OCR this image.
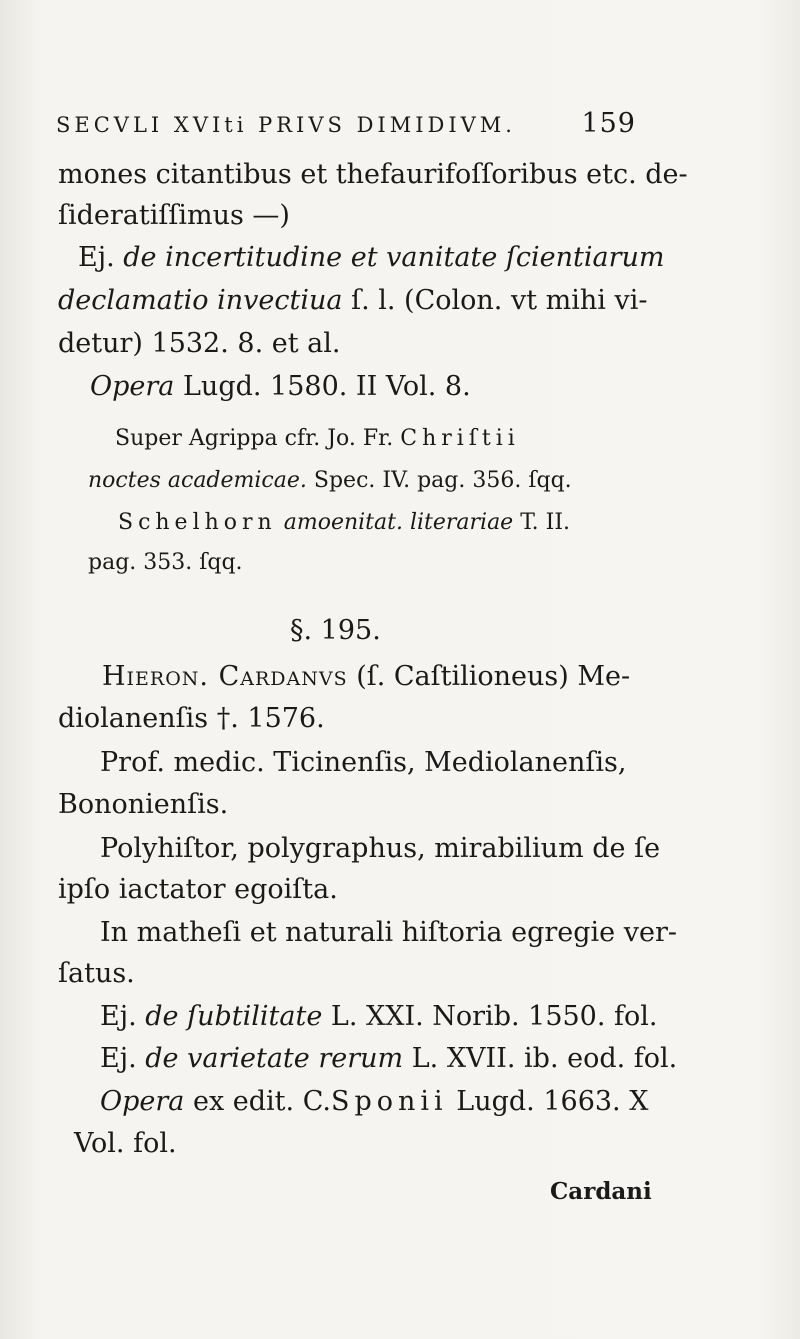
SECVLI XVIti PRIVS DIMIDIVM. 159
mones citantibus et thefaurifoſſoribus etc. de-
ſideratiſſimus —)
Ej. de incertitudine et vanitate ſcientiarum
declamatio invectiua ſ. l. (Colon. vt mihi vi-
detur) 1532. 8. et al.
Opera Lugd. 1580. II Vol. 8.
Super Agrippa cfr. Jo. Fr. Chriſtii
noctes academicae. Spec. IV. pag. 356. ſqq.
Schelhorn amoenitat. literariae T. II.
pag. 353. ſqq.
§. 195.
Hieron. Cardanvs (ſ. Caſtilioneus) Me-
diolanenſis †. 1576.
Prof. medic. Ticinenſis, Mediolanenſis,
Bononienſis.
Polyhiſtor, polygraphus, mirabilium de ſe
ipſo iactator egoiſta.
In matheſi et naturali hiſtoria egregie ver-
ſatus.
Ej. de ſubtilitate L. XXI. Norib. 1550. fol.
Ej. de varietate rerum L. XVII. ib. eod. fol.
Opera ex edit. C.Sponii Lugd. 1663. X
Vol. fol.
Cardani
